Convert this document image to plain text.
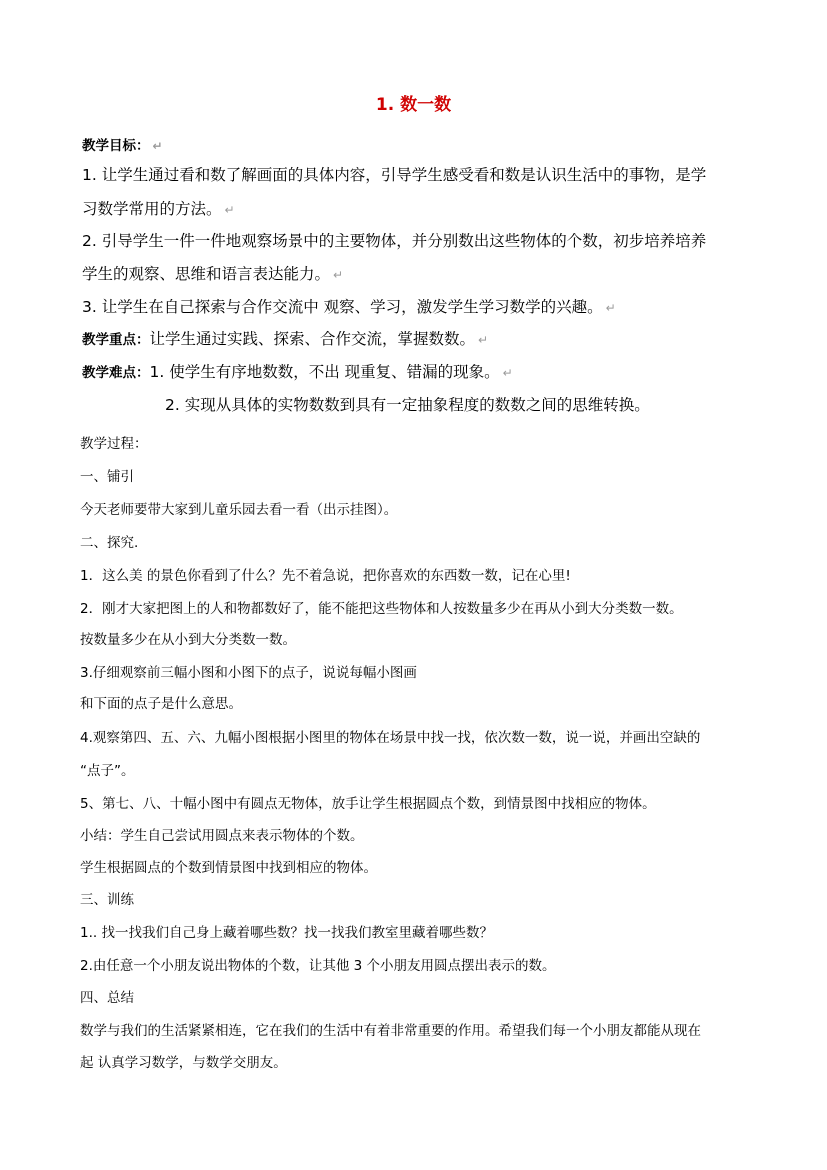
1. 数一数
教学目标： ↵
1. 让学生通过看和数了解画面的具体内容，引导学生感受看和数是认识生活中的事物，是学
习数学常用的方法。 ↵
2. 引导学生一件一件地观察场景中的主要物体，并分别数出这些物体的个数，初步培养培养
学生的观察、思维和语言表达能力。 ↵
3. 让学生在自己探索与合作交流中 观察、学习，激发学生学习数学的兴趣。 ↵
教学重点：让学生通过实践、探索、合作交流，掌握数数。 ↵
教学难点：1. 使学生有序地数数，不出 现重复、错漏的现象。 ↵
2. 实现从具体的实物数数到具有一定抽象程度的数数之间的思维转换。
教学过程：
一、铺引
今天老师要带大家到儿童乐园去看一看（出示挂图）。
二、探究.
1．这么美 的景色你看到了什么？先不着急说，把你喜欢的东西数一数，记在心里!
2．刚才大家把图上的人和物都数好了，能不能把这些物体和人按数量多少在再从小到大分类数一数。
按数量多少在从小到大分类数一数。
3.仔细观察前三幅小图和小图下的点子，说说每幅小图画
和下面的点子是什么意思。
4.观察第四、五、六、九幅小图根据小图里的物体在场景中找一找，依次数一数，说一说，并画出空缺的
“点子”。
5、第七、八、十幅小图中有圆点无物体，放手让学生根据圆点个数，到情景图中找相应的物体。
小结：学生自己尝试用圆点来表示物体的个数。
学生根据圆点的个数到情景图中找到相应的物体。
三、训练
1.. 找一找我们自己身上藏着哪些数？找一找我们教室里藏着哪些数？
2.由任意一个小朋友说出物体的个数，让其他 3 个小朋友用圆点摆出表示的数。
四、总结
数学与我们的生活紧紧相连，它在我们的生活中有着非常重要的作用。希望我们每一个小朋友都能从现在
起 认真学习数学，与数学交朋友。
